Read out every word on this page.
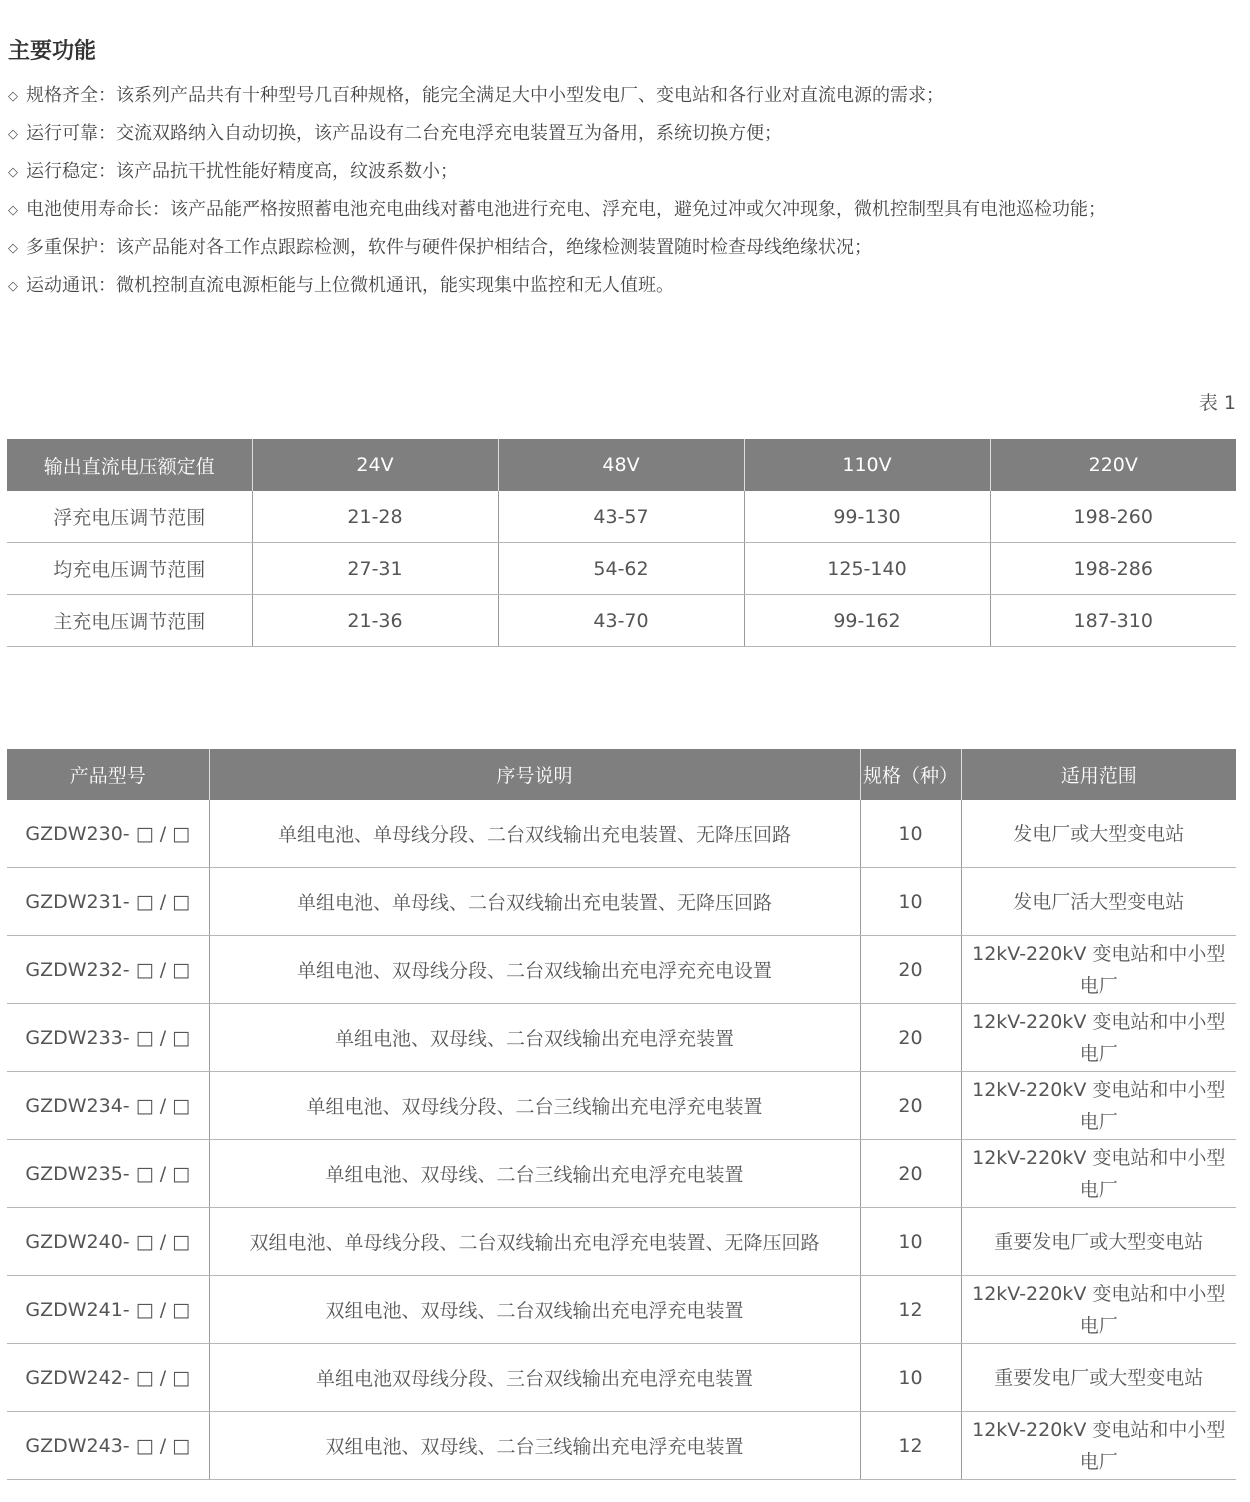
主要功能
◇ 规格齐全：该系列产品共有十种型号几百种规格，能完全满足大中小型发电厂、变电站和各行业对直流电源的需求；
◇ 运行可靠：交流双路纳入自动切换，该产品设有二台充电浮充电装置互为备用，系统切换方便；
◇ 运行稳定：该产品抗干扰性能好精度高，纹波系数小；
◇ 电池使用寿命长：该产品能严格按照蓄电池充电曲线对蓄电池进行充电、浮充电，避免过冲或欠冲现象，微机控制型具有电池巡检功能；
◇ 多重保护：该产品能对各工作点跟踪检测，软件与硬件保护相结合，绝缘检测装置随时检查母线绝缘状况；
◇ 运动通讯：微机控制直流电源柜能与上位微机通讯，能实现集中监控和无人值班。
表 1
输出直流电压额定值	24V	48V	110V	220V
浮充电压调节范围	21-28	43-57	99-130	198-260
均充电压调节范围	27-31	54-62	125-140	198-286
主充电压调节范围	21-36	43-70	99-162	187-310
产品型号	序号说明	规格（种）	适用范围
GZDW230- □ / □	单组电池、单母线分段、二台双线输出充电装置、无降压回路	10	发电厂或大型变电站
GZDW231- □ / □	单组电池、单母线、二台双线输出充电装置、无降压回路	10	发电厂活大型变电站
GZDW232- □ / □	单组电池、双母线分段、二台双线输出充电浮充充电设置	20	12kV-220kV 变电站和中小型电厂
GZDW233- □ / □	单组电池、双母线、二台双线输出充电浮充装置	20	12kV-220kV 变电站和中小型电厂
GZDW234- □ / □	单组电池、双母线分段、二台三线输出充电浮充电装置	20	12kV-220kV 变电站和中小型电厂
GZDW235- □ / □	单组电池、双母线、二台三线输出充电浮充电装置	20	12kV-220kV 变电站和中小型电厂
GZDW240- □ / □	双组电池、单母线分段、二台双线输出充电浮充电装置、无降压回路	10	重要发电厂或大型变电站
GZDW241- □ / □	双组电池、双母线、二台双线输出充电浮充电装置	12	12kV-220kV 变电站和中小型电厂
GZDW242- □ / □	单组电池双母线分段、三台双线输出充电浮充电装置	10	重要发电厂或大型变电站
GZDW243- □ / □	双组电池、双母线、二台三线输出充电浮充电装置	12	12kV-220kV 变电站和中小型电厂
